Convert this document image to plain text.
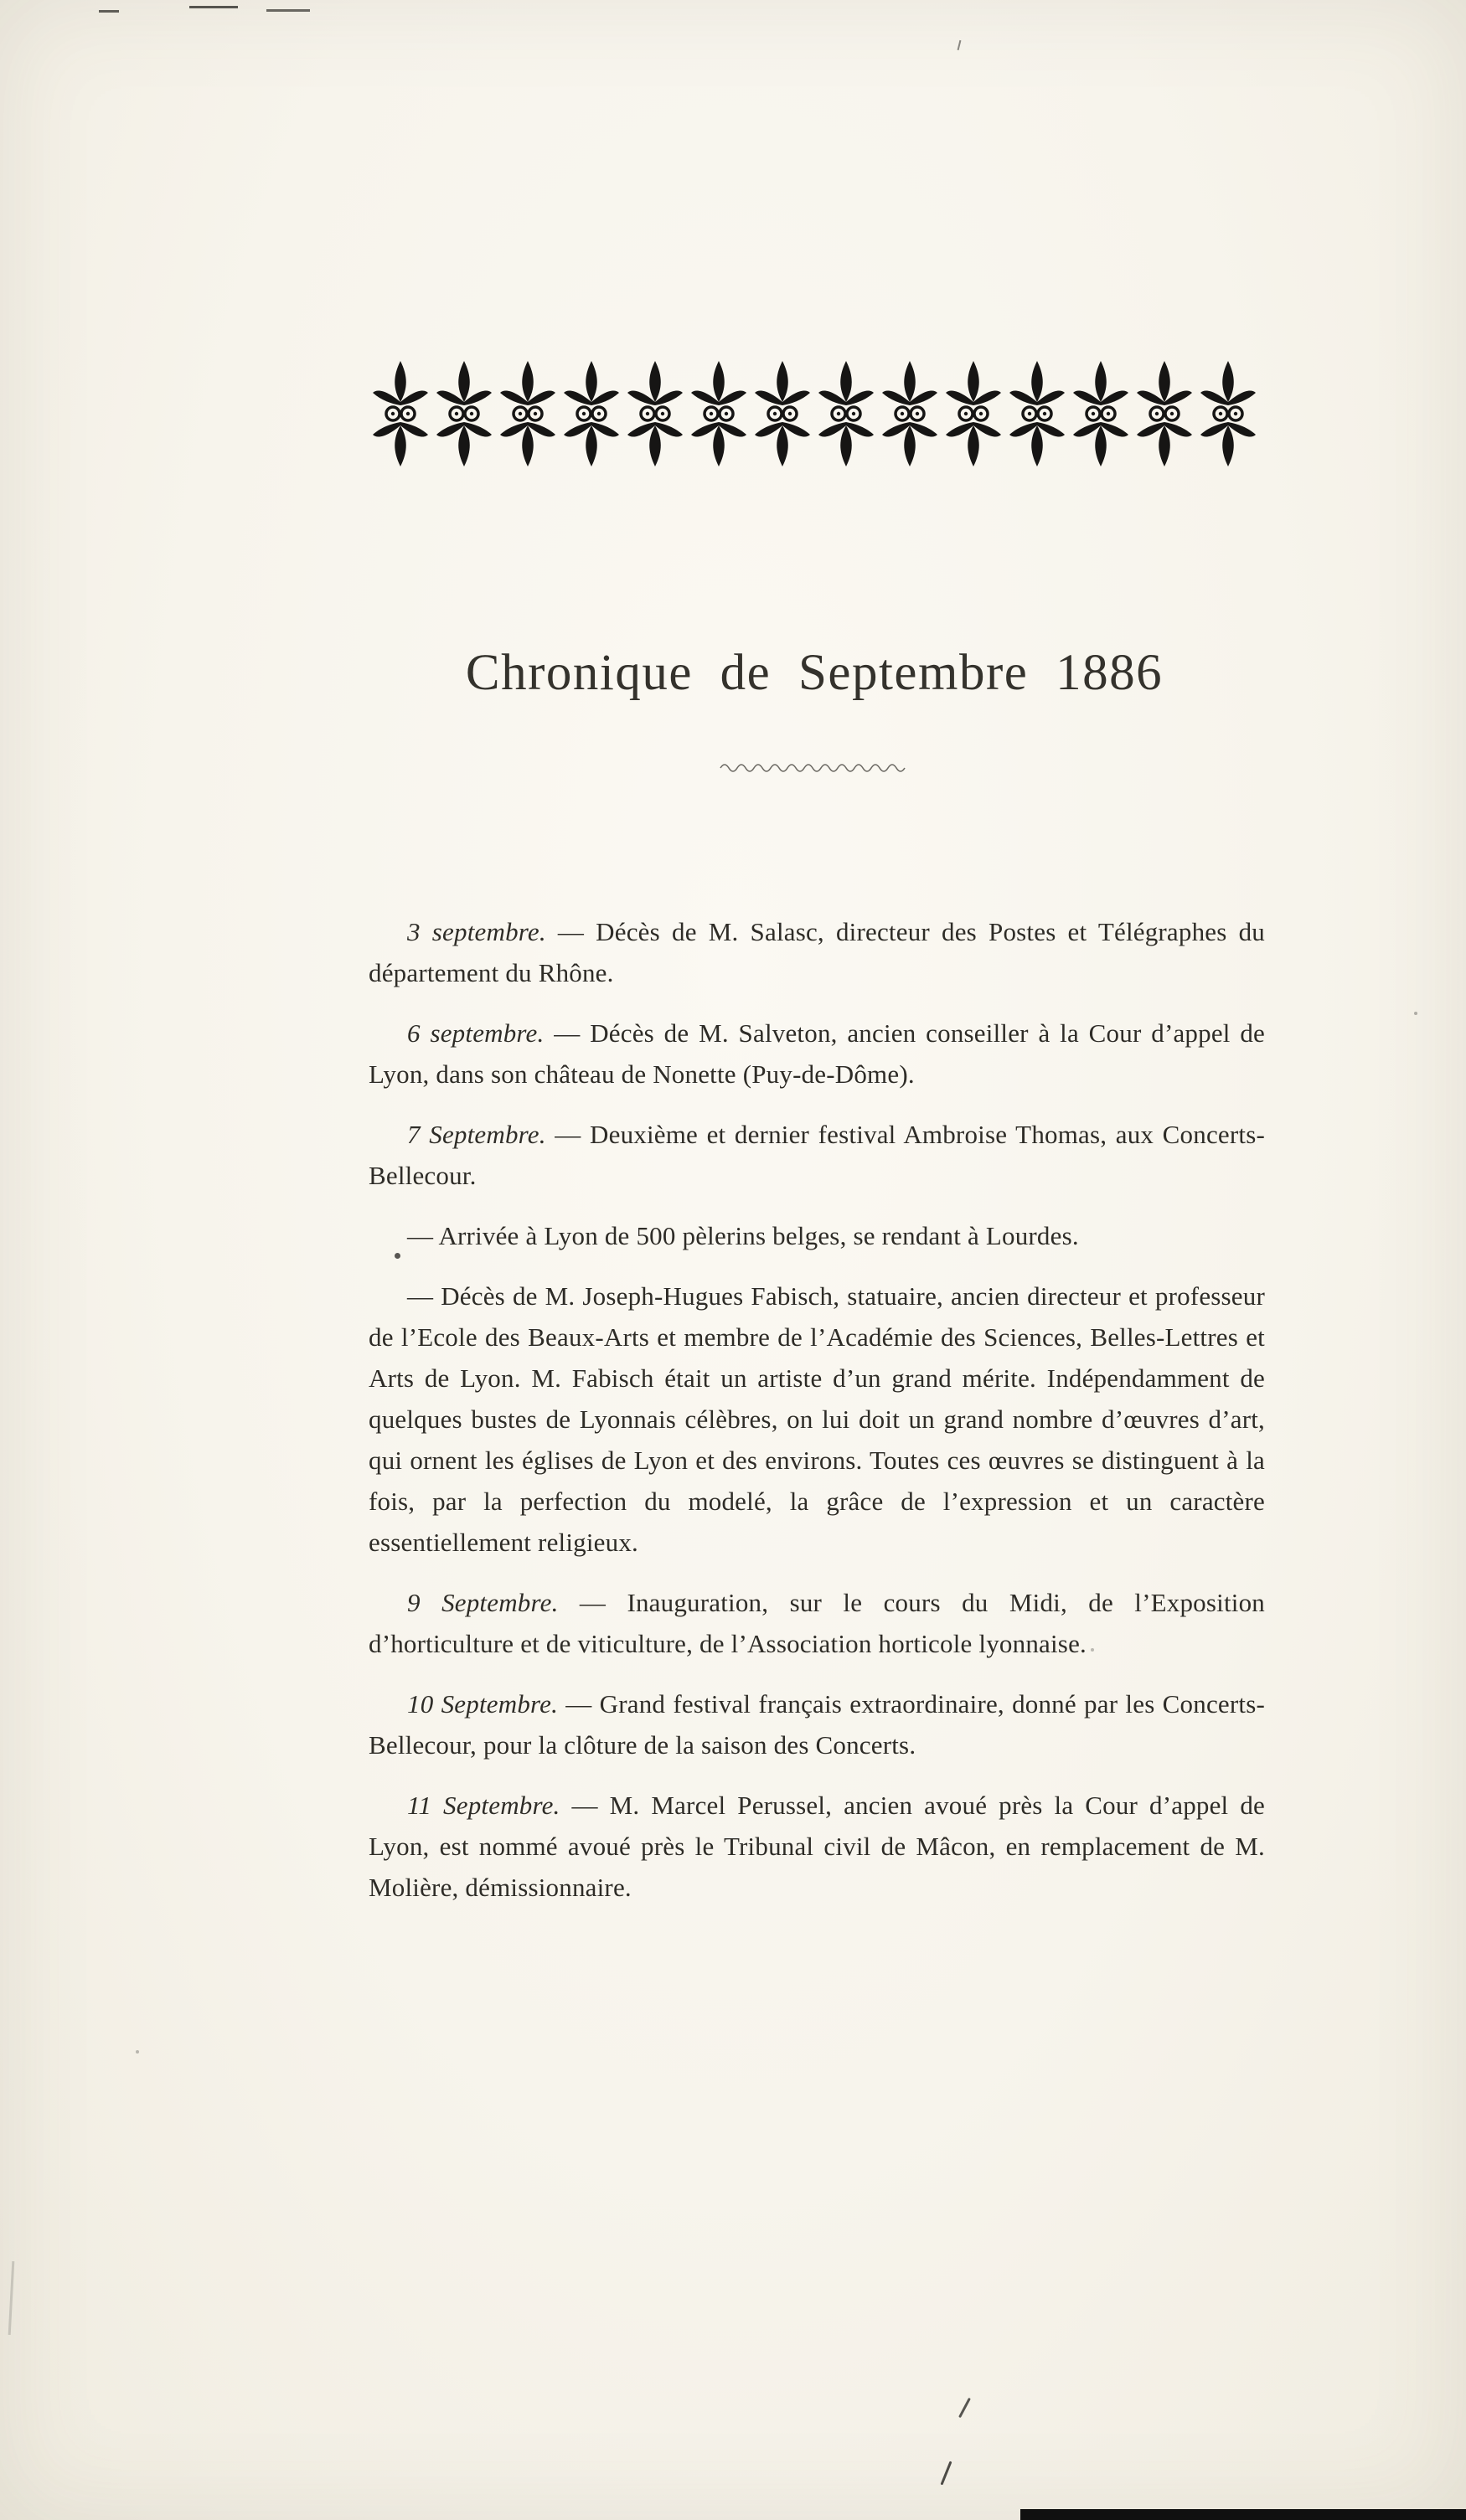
Chronique de Septembre 1886

3 septembre. — Décès de M. Salasc, directeur des Postes et Télégraphes du département du Rhône.

6 septembre. — Décès de M. Salveton, ancien conseiller à la Cour d’appel de Lyon, dans son château de Nonette (Puy-de-Dôme).

7 Septembre. — Deuxième et dernier festival Ambroise Thomas, aux Concerts-Bellecour.

— Arrivée à Lyon de 500 pèlerins belges, se rendant à Lourdes.

— Décès de M. Joseph-Hugues Fabisch, statuaire, ancien directeur et professeur de l’Ecole des Beaux-Arts et membre de l’Académie des Sciences, Belles-Lettres et Arts de Lyon. M. Fabisch était un artiste d’un grand mérite. Indépendamment de quelques bustes de Lyonnais célèbres, on lui doit un grand nombre d’œuvres d’art, qui ornent les églises de Lyon et des environs. Toutes ces œuvres se distinguent à la fois, par la perfection du modelé, la grâce de l’expression et un caractère essentiellement religieux.

9 Septembre. — Inauguration, sur le cours du Midi, de l’Exposition d’horticulture et de viticulture, de l’Association horticole lyonnaise.

10 Septembre. — Grand festival français extraordinaire, donné par les Concerts-Bellecour, pour la clôture de la saison des Concerts.

11 Septembre. — M. Marcel Perussel, ancien avoué près la Cour d’appel de Lyon, est nommé avoué près le Tribunal civil de Mâcon, en remplacement de M. Molière, démissionnaire.
